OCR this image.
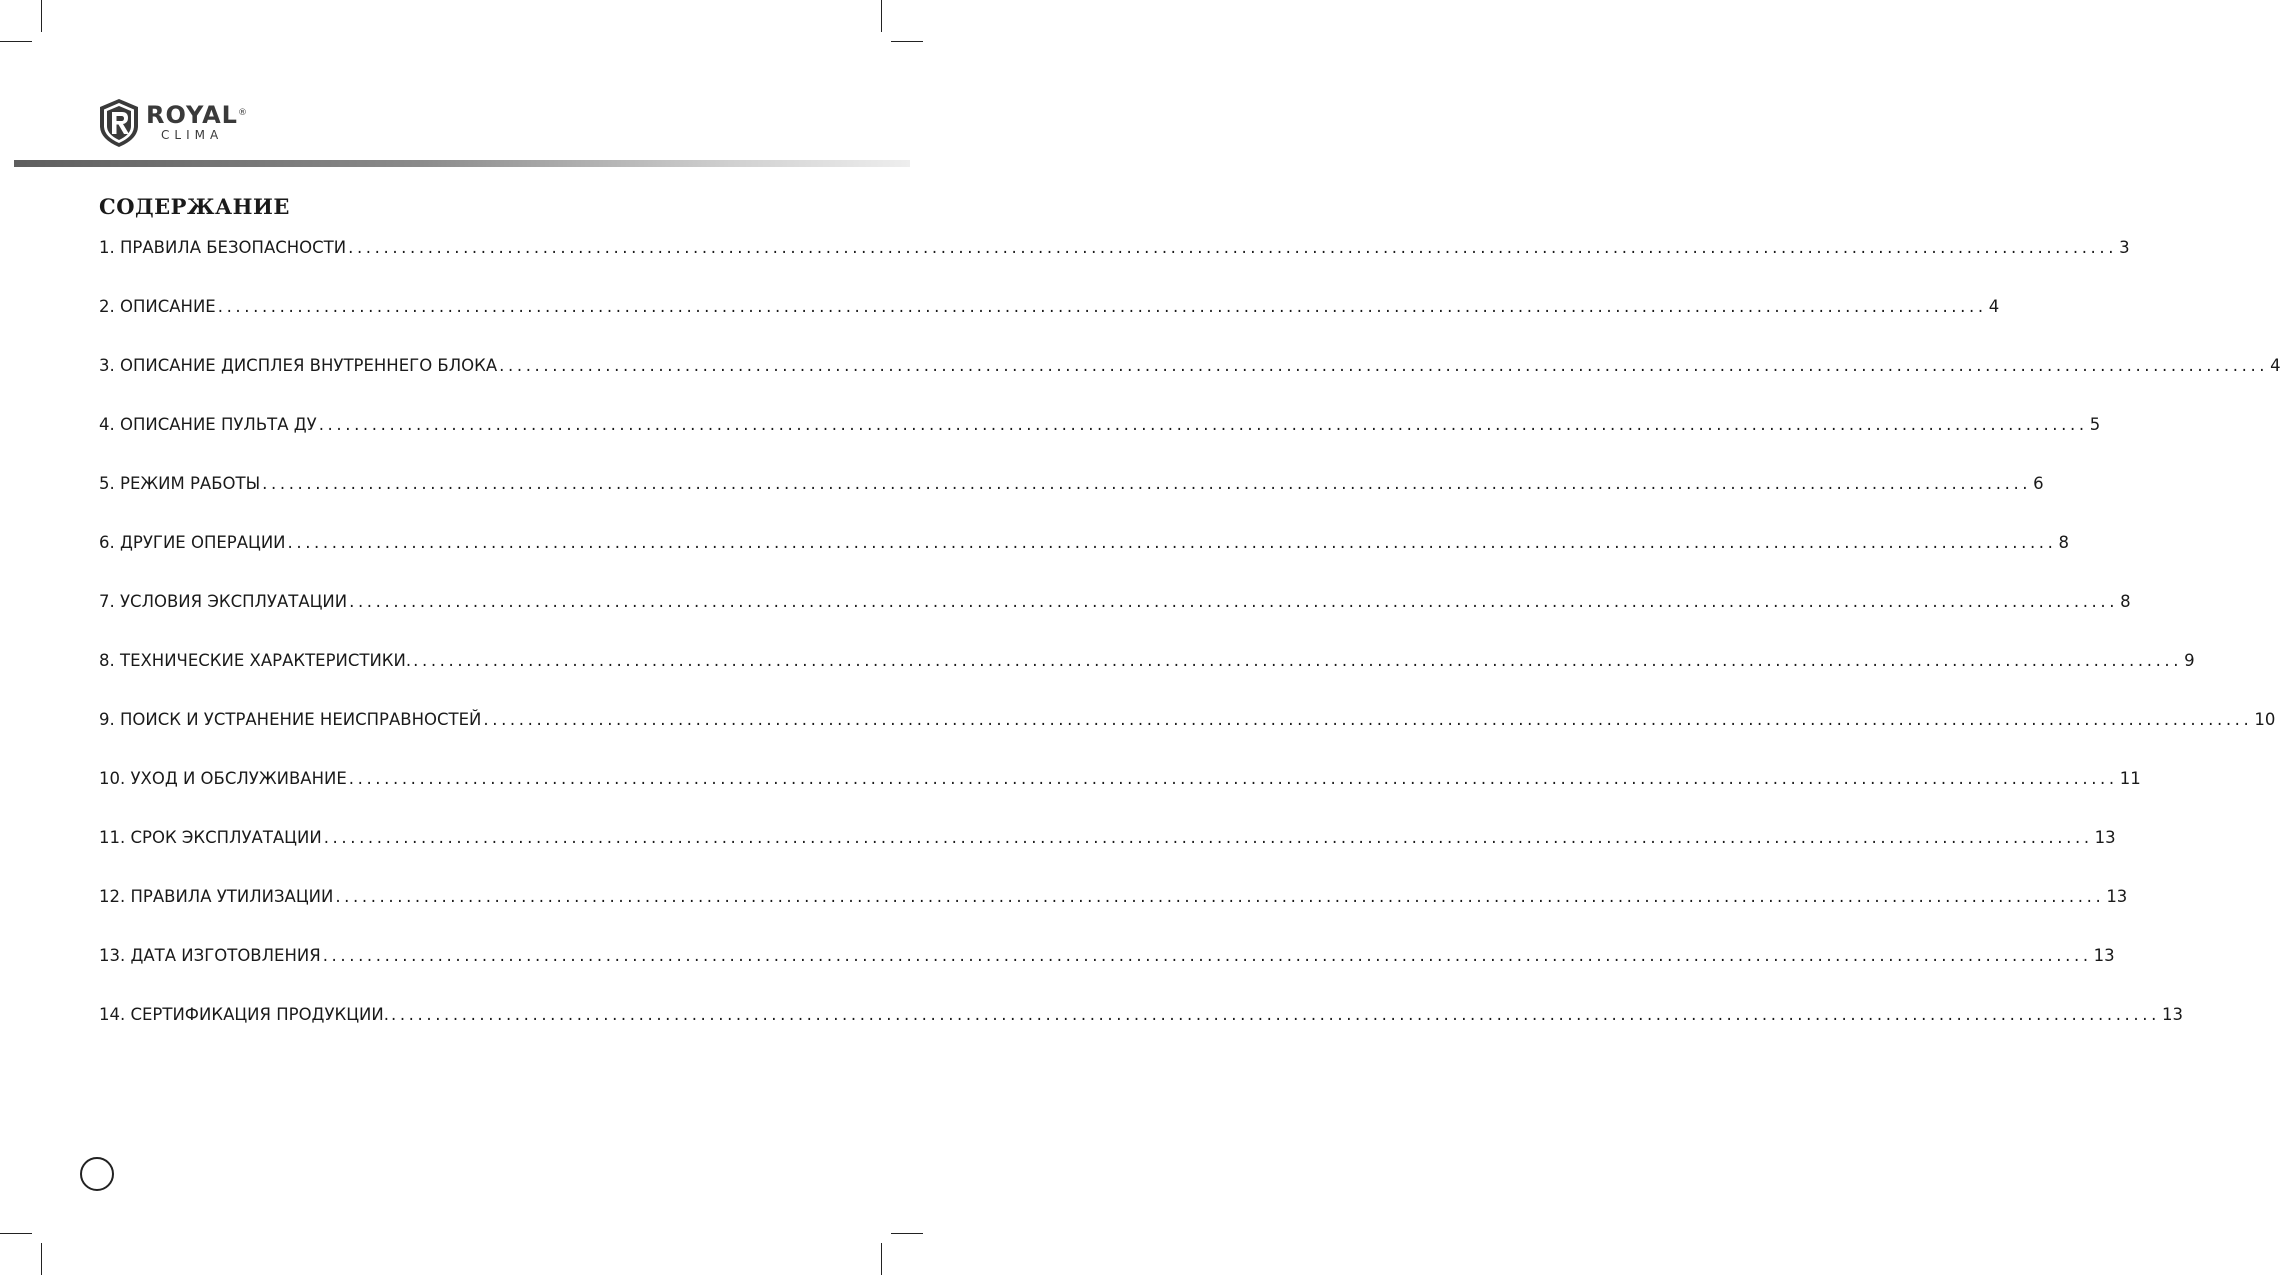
ROYAL®
CLIMA
СОДЕРЖАНИЕ
1. ПРАВИЛА БЕЗОПАСНОСТИ ........................................................................................................................................................................................................ 3
2. ОПИСАНИЕ ........................................................................................................................................................................................................ 4
3. ОПИСАНИЕ ДИСПЛЕЯ ВНУТРЕННЕГО БЛОКА ........................................................................................................................................................................................................ 4
4. ОПИСАНИЕ ПУЛЬТА ДУ ........................................................................................................................................................................................................ 5
5. РЕЖИМ РАБОТЫ ........................................................................................................................................................................................................ 6
6. ДРУГИЕ ОПЕРАЦИИ ........................................................................................................................................................................................................ 8
7. УСЛОВИЯ ЭКСПЛУАТАЦИИ ........................................................................................................................................................................................................ 8
8. ТЕХНИЧЕСКИЕ ХАРАКТЕРИСТИКИ. ........................................................................................................................................................................................................ 9
9. ПОИСК И УСТРАНЕНИЕ НЕИСПРАВНОСТЕЙ ........................................................................................................................................................................................................ 10
10. УХОД И ОБСЛУЖИВАНИЕ ........................................................................................................................................................................................................ 11
11. СРОК ЭКСПЛУАТАЦИИ ........................................................................................................................................................................................................ 13
12. ПРАВИЛА УТИЛИЗАЦИИ ........................................................................................................................................................................................................ 13
13. ДАТА ИЗГОТОВЛЕНИЯ ........................................................................................................................................................................................................ 13
14. СЕРТИФИКАЦИЯ ПРОДУКЦИИ. ........................................................................................................................................................................................................ 13
